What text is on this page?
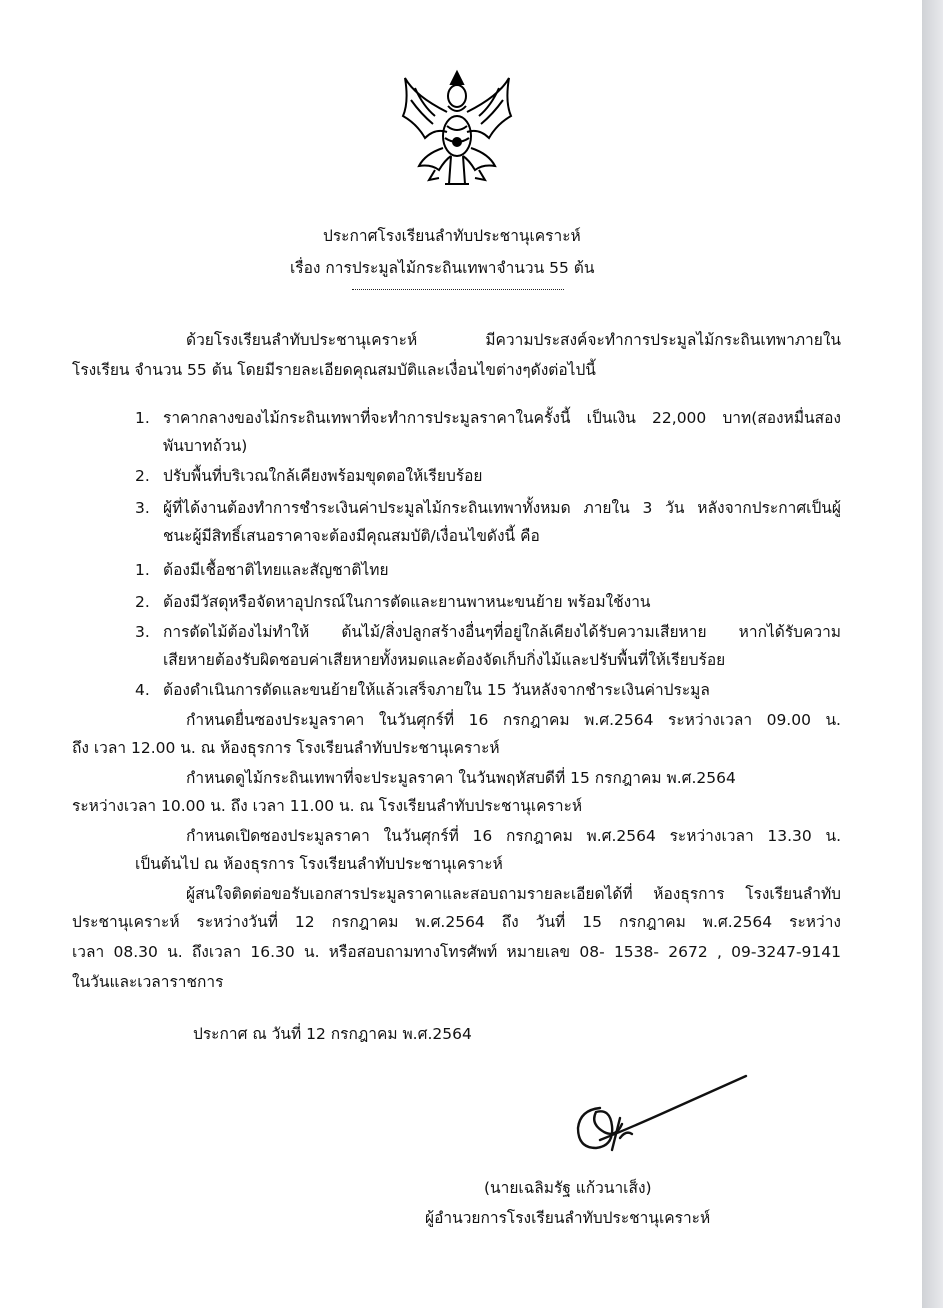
ประกาศโรงเรียนลำทับประชานุเคราะห์
เรื่อง การประมูลไม้กระถินเทพาจำนวน 55 ต้น
ด้วยโรงเรียนลำทับประชานุเคราะห์ มีความประสงค์จะทำการประมูลไม้กระถินเทพาภายใน
โรงเรียน จำนวน 55 ต้น โดยมีรายละเอียดคุณสมบัติและเงื่อนไขต่างๆดังต่อไปนี้
1. ราคากลางของไม้กระถินเทพาที่จะทำการประมูลราคาในครั้งนี้ เป็นเงิน 22,000 บาท(สองหมื่นสอง
พันบาทถ้วน)
2. ปรับพื้นที่บริเวณใกล้เคียงพร้อมขุดตอให้เรียบร้อย
3. ผู้ที่ได้งานต้องทำการชำระเงินค่าประมูลไม้กระถินเทพาทั้งหมด ภายใน 3 วัน หลังจากประกาศเป็นผู้
ชนะผู้มีสิทธิ์เสนอราคาจะต้องมีคุณสมบัติ/เงื่อนไขดังนี้ คือ
1. ต้องมีเชื้อชาติไทยและสัญชาติไทย
2. ต้องมีวัสดุหรือจัดหาอุปกรณ์ในการตัดและยานพาหนะขนย้าย พร้อมใช้งาน
3. การตัดไม้ต้องไม่ทำให้ ต้นไม้/สิ่งปลูกสร้างอื่นๆที่อยู่ใกล้เคียงได้รับความเสียหาย หากได้รับความ
เสียหายต้องรับผิดชอบค่าเสียหายทั้งหมดและต้องจัดเก็บกิ่งไม้และปรับพื้นที่ให้เรียบร้อย
4. ต้องดำเนินการตัดและขนย้ายให้แล้วเสร็จภายใน 15 วันหลังจากชำระเงินค่าประมูล
กำหนดยื่นซองประมูลราคา ในวันศุกร์ที่ 16 กรกฎาคม พ.ศ.2564 ระหว่างเวลา 09.00 น.
ถึง เวลา 12.00 น. ณ ห้องธุรการ โรงเรียนลำทับประชานุเคราะห์
กำหนดดูไม้กระถินเทพาที่จะประมูลราคา ในวันพฤหัสบดีที่ 15 กรกฎาคม พ.ศ.2564
ระหว่างเวลา 10.00 น. ถึง เวลา 11.00 น. ณ โรงเรียนลำทับประชานุเคราะห์
กำหนดเปิดซองประมูลราคา ในวันศุกร์ที่ 16 กรกฎาคม พ.ศ.2564 ระหว่างเวลา 13.30 น.
เป็นต้นไป ณ ห้องธุรการ โรงเรียนลำทับประชานุเคราะห์
ผู้สนใจติดต่อขอรับเอกสารประมูลราคาและสอบถามรายละเอียดได้ที่ ห้องธุรการ โรงเรียนลำทับ
ประชานุเคราะห์ ระหว่างวันที่ 12 กรกฎาคม พ.ศ.2564 ถึง วันที่ 15 กรกฎาคม พ.ศ.2564 ระหว่าง
เวลา 08.30 น. ถึงเวลา 16.30 น. หรือสอบถามทางโทรศัพท์ หมายเลข 08- 1538- 2672 , 09-3247-9141
ในวันและเวลาราชการ
ประกาศ ณ วันที่ 12 กรกฎาคม พ.ศ.2564
(นายเฉลิมรัฐ แก้วนาเส็ง)
ผู้อำนวยการโรงเรียนลำทับประชานุเคราะห์
